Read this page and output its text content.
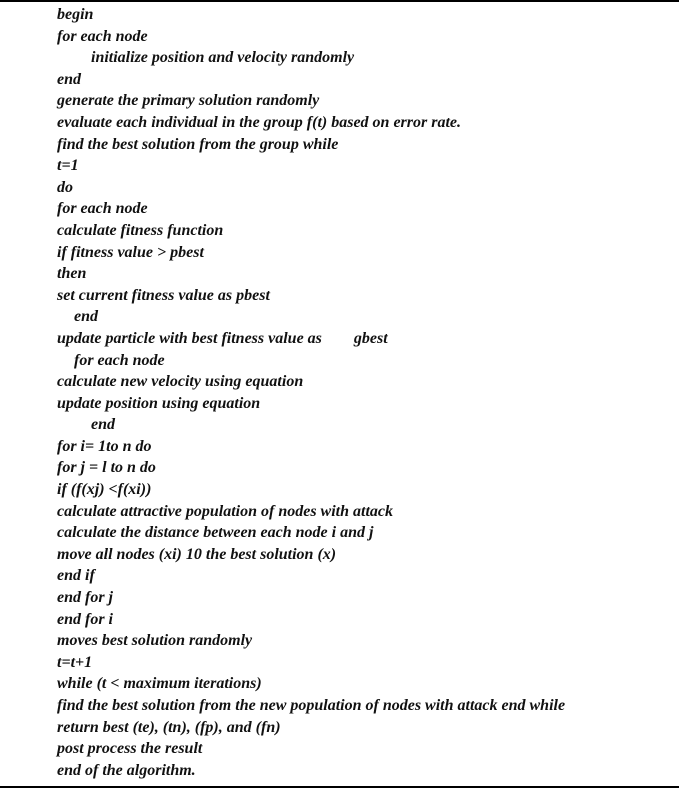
begin
for each node
initialize position and velocity randomly
end
generate the primary solution randomly
evaluate each individual in the group f(t) based on error rate.
find the best solution from the group while
t=1
do
for each node
calculate fitness function
if fitness value > pbest
then
set current fitness value as pbest
end
update particle with best fitness value as gbest
for each node
calculate new velocity using equation
update position using equation
end
for i= 1to n do
for j = l to n do
if (f(xj) <f(xi))
calculate attractive population of nodes with attack
calculate the distance between each node i and j
move all nodes (xi) 10 the best solution (x)
end if
end for j
end for i
moves best solution randomly
t=t+1
while (t < maximum iterations)
find the best solution from the new population of nodes with attack end while
return best (te), (tn), (fp), and (fn)
post process the result
end of the algorithm.
